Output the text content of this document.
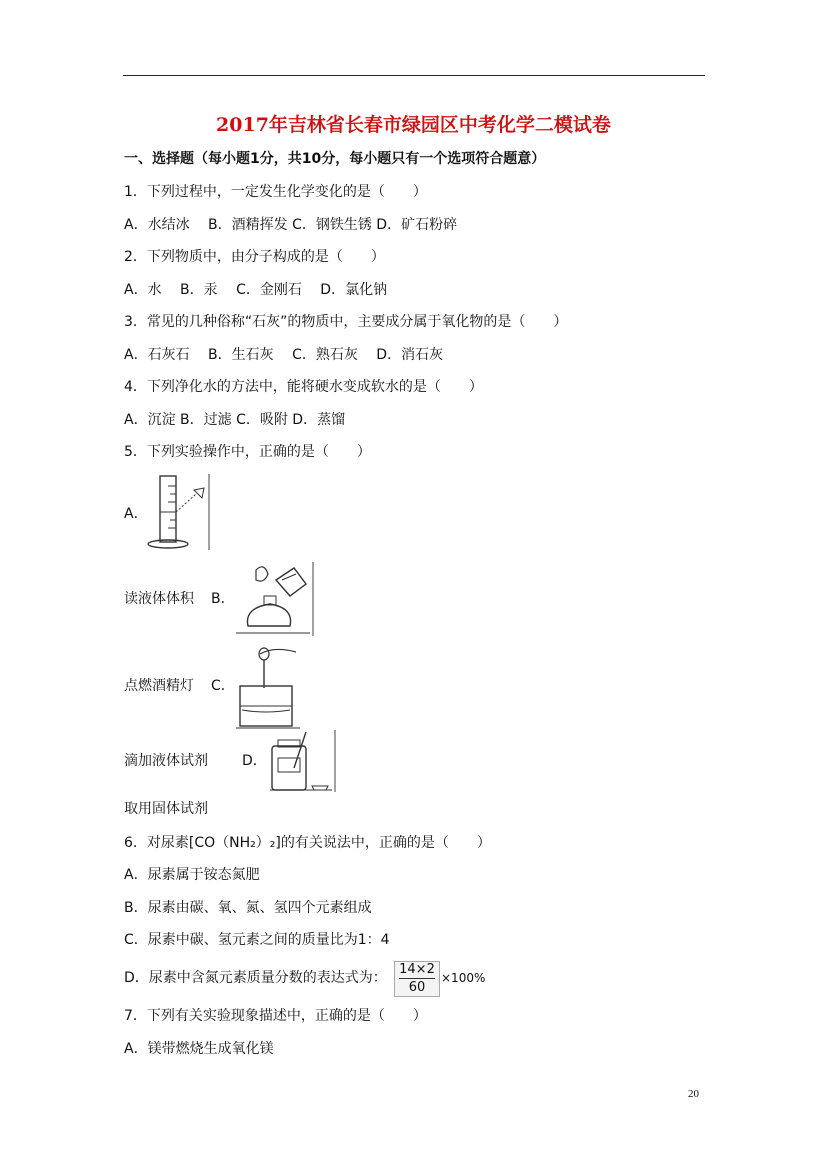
2017年吉林省长春市绿园区中考化学二模试卷
一、选择题（每小题1分，共10分，每小题只有一个选项符合题意）
1．下列过程中，一定发生化学变化的是（　　）
A．水结冰　 B．酒精挥发 C．钢铁生锈 D．矿石粉碎
2．下列物质中，由分子构成的是（　　）
A．水　 B．汞　 C．金刚石　 D．氯化钠
3．常见的几种俗称“石灰”的物质中，主要成分属于氧化物的是（　　）
A．石灰石　 B．生石灰　 C．熟石灰　 D．消石灰
4．下列净化水的方法中，能将硬水变成软水的是（　　）
A．沉淀 B．过滤 C．吸附 D．蒸馏
5．下列实验操作中，正确的是（　　）
A．
读液体体积 B．
点燃酒精灯 C．
滴加液体试剂 D．
取用固体试剂
6．对尿素[CO（NH₂）₂]的有关说法中，正确的是（　　）
A．尿素属于铵态氮肥
B．尿素由碳、氧、氮、氢四个元素组成
C．尿素中碳、氢元素之间的质量比为1：4
D．尿素中含氮元素质量分数的表达式为：
14×2
60
×100%
7．下列有关实验现象描述中，正确的是（　　）
A．镁带燃烧生成氧化镁
20
